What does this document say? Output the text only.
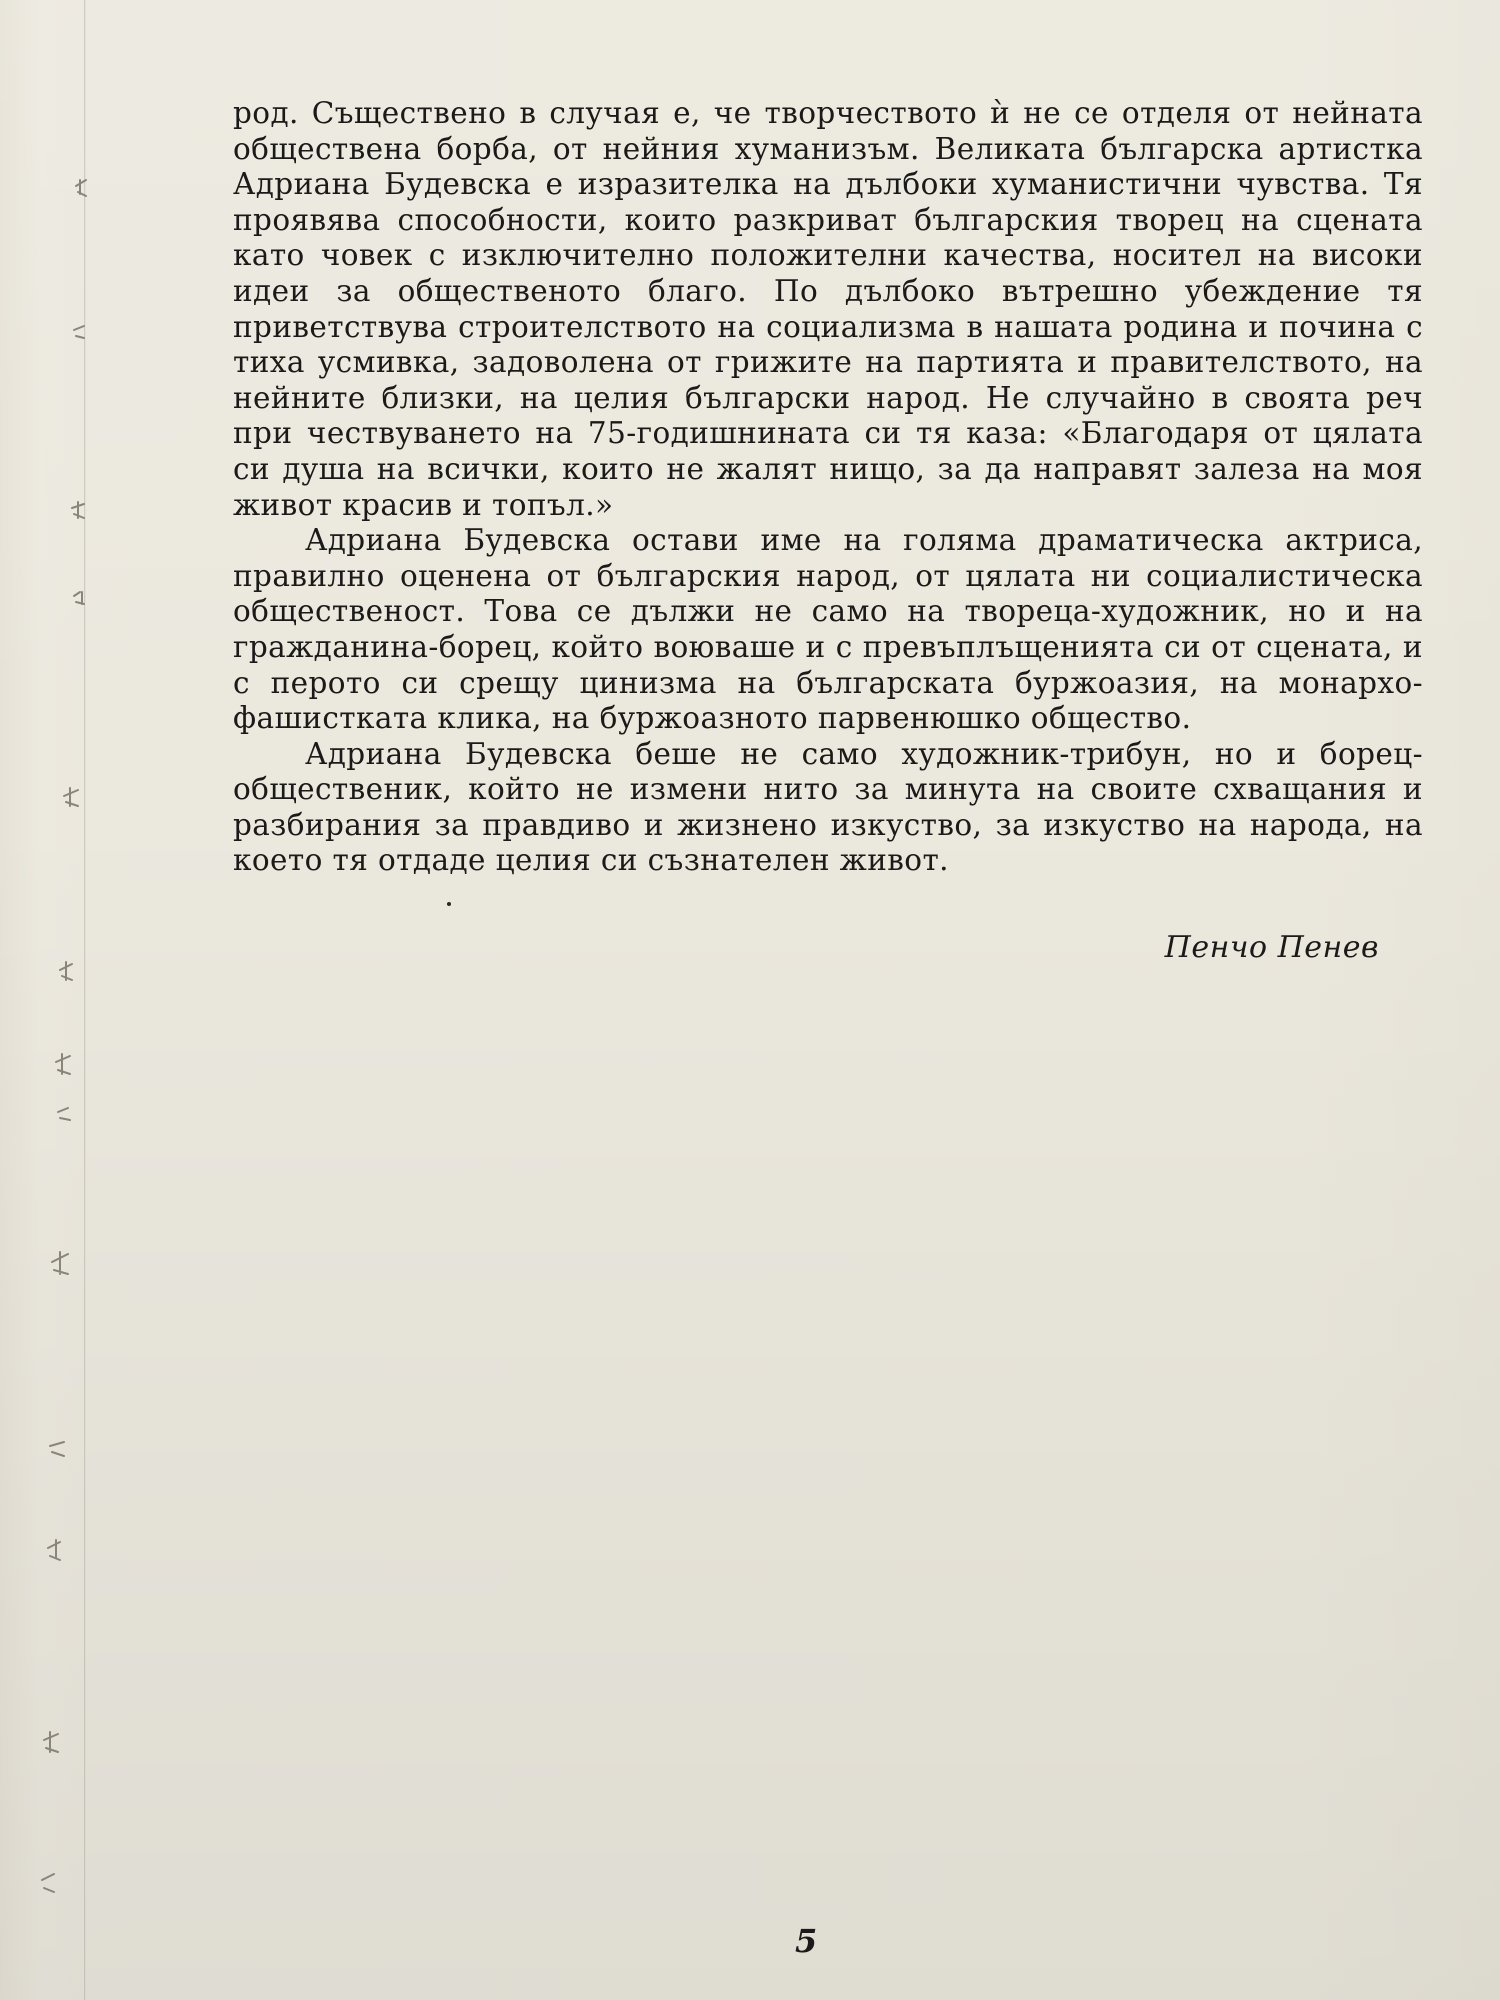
род. Съществено в случая е, че творчеството ѝ не се отделя от нейната обществена борба, от нейния хуманизъм. Великата българска артистка Адриана Будевска е изразителка на дълбоки хуманистични чувства. Тя проявява способности, които разкриват българския творец на сцената като човек с изключително положителни качества, носител на високи идеи за общественото благо. По дълбоко вътрешно убеждение тя приветствува строителството на социализма в нашата родина и почина с тиха усмивка, задоволена от грижите на партията и правителството, на нейните близки, на целия български народ. Не случайно в своята реч при чествуването на 75-годишнината си тя каза: «Благодаря от цялата си душа на всички, които не жалят нищо, за да направят залеза на моя живот красив и топъл.»

Адриана Будевска остави име на голяма драматическа актриса, правилно оценена от българския народ, от цялата ни социалистическа общественост. Това се дължи не само на твореца-художник, но и на гражданина-борец, който воюваше и с превъплъщенията си от сцената, и с перото си срещу цинизма на българската буржоазия, на монархо-фашистката клика, на буржоазното парвенюшко общество.

Адриана Будевска беше не само художник-трибун, но и борец-общественик, който не измени нито за минута на своите схващания и разбирания за правдиво и жизнено изкуство, за изкуство на народа, на което тя отдаде целия си съзнателен живот.

Пенчо Пенев
5
